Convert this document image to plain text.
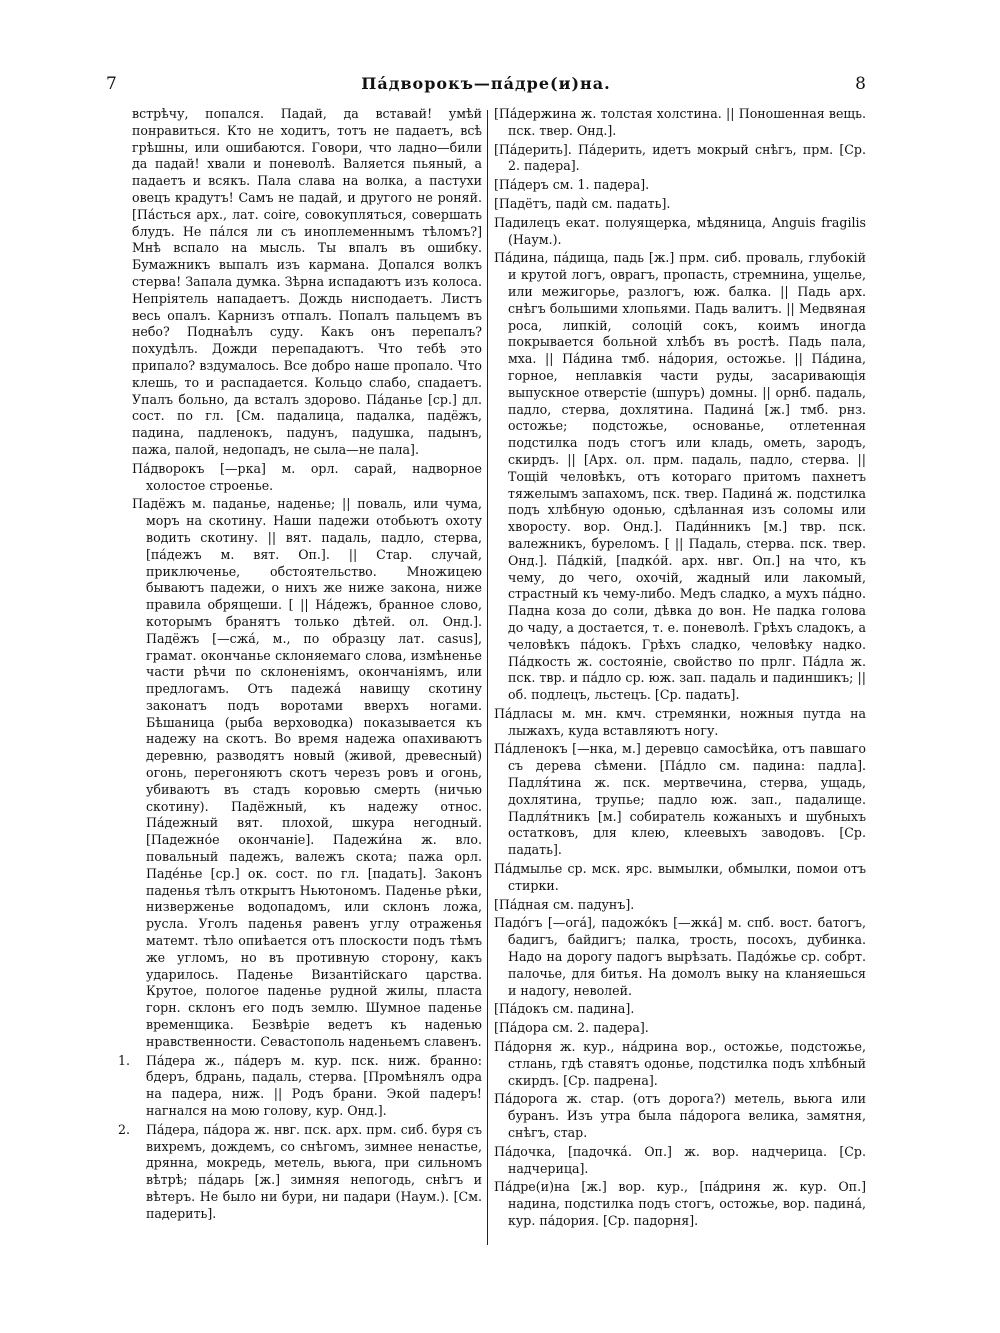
7	Па́дворокъ—па́дре(и)на.	8

встрѣчу, попался. Падай, да вставай! умѣй понравиться. Кто не ходитъ, тотъ не падаетъ, всѣ грѣшны, или ошибаются. Говори, что ладно—били да падай! хвали и поневолѣ. Валяется пьяный, а падаетъ и всякъ. Пала слава на волка, а пастухи овецъ крадутъ! Самъ не падай, и другого не роняй. [Па́сться арх., лат. coire, совокупляться, совершать блудъ. Не па́лся ли съ иноплеменнымъ тѣломъ?] Мнѣ вспало на мысль. Ты впалъ въ ошибку. Бумажникъ выпалъ изъ кармана. Допался волкъ стерва! Запала думка. Зѣрна испадаютъ изъ колоса. Непріятель нападаетъ. Дождь нисподаетъ. Листъ весь опалъ. Карнизъ отпалъ. Попалъ пальцемъ въ небо? Поднаѣлъ суду. Какъ онъ перепалъ? похудѣлъ. Дожди перепадаютъ. Что тебѣ это припало? вздумалось. Все добро наше пропало. Что клешь, то и распадается. Кольцо слабо, спадаетъ. Упалъ больно, да всталъ здорово. Па́данье [ср.] дл. сост. по гл. [См. падалица, падалка, падёжъ, падина, падленокъ, падунъ, падушка, падынъ, пажа, палой, недопадъ, не сыла—не пала].

Па́дворокъ [—рка] м. орл. сарай, надворное холостое строенье.

Падёжъ м. паданье, наденье; || поваль, или чума, моръ на скотину. Наши падежи отобьютъ охоту водить скотину. || вят. падаль, падло, стерва, [па́дежъ м. вят. Оп.]. || Стар. случай, приключенье, обстоятельство. Множицею бываютъ падежи, о нихъ же ниже закона, ниже правила обрящеши. [ || На́дежъ, бранное слово, которымъ бранятъ только дѣтей. ол. Онд.]. Падёжъ [—сжа́, м., по образцу лат. casus], грамат. окончанье склоняемаго слова, измѣненье части рѣчи по склоненіямъ, окончаніямъ, или предлогамъ. Отъ падежа́ навищу скотину законатъ подъ воротами вверхъ ногами. Бѣшаница (рыба верховодка) показывается къ надежу на скотъ. Во время надежа опахиваютъ деревню, разводятъ новый (живой, древесный) огонь, перегоняютъ скотъ черезъ ровъ и огонь, убиваютъ въ стадъ коровью смерть (ничью скотину). Падёжный, къ надежу относ. Па́дежный вят. плохой, шкура негодный. [Падежно́е окончаніе]. Падежи́на ж. вло. повальный падежъ, валежъ скота; пажа орл. Паде́нье [ср.] ок. сост. по гл. [падать]. Законъ паденья тѣлъ открытъ Ньютономъ. Паденье рѣки, низверженье водопадомъ, или склонъ ложа, русла. Уголъ паденья равенъ углу отраженья матемт. тѣло опиѣается отъ плоскости подъ тѣмъ же угломъ, но въ противную сторону, какъ ударилось. Паденье Византійскаго царства. Крутое, пологое паденье рудной жилы, пласта горн. склонъ его подъ землю. Шумное паденье временщика. Безвѣріе ведетъ къ наденью нравственности. Севастополь наденьемъ славенъ.

1. Па́дера ж., па́деръ м. кур. пск. ниж. бранно: бдеръ, бдрань, падаль, стерва. [Промѣнялъ одра на падера, ниж. || Родъ брани. Экой падеръ! нагнался на мою голову, кур. Онд.].

2. Па́дера, па́дора ж. нвг. пск. арх. прм. сиб. буря съ вихремъ, дождемъ, со снѣгомъ, зимнее ненастье, дрянна, мокредь, метель, вьюга, при сильномъ вѣтрѣ; па́дарь [ж.] зимняя непогодь, снѣгъ и вѣтеръ. Не было ни бури, ни падари (Наум.). [См. падерить].

[Па́держина ж. толстая холстина. || Поношенная вещь. пск. твер. Онд.].

[Па́дерить]. Па́дерить, идетъ мокрый снѣгъ, прм. [Ср. 2. падера].

[Па́деръ см. 1. падера].

[Падётъ, падѝ см. падать].

Падилецъ екат. полуящерка, мѣдяница, Anguis fragilis (Наум.).

Па́дина, па́дища, падь [ж.] прм. сиб. проваль, глубокій и крутой логъ, оврагъ, пропасть, стремнина, ущелье, или межигорье, разлогъ, юж. балка. || Падь арх. снѣгъ большими хлопьями. Падь валитъ. || Медвяная роса, липкій, солоцій сокъ, коимъ иногда покрывается больной хлѣбъ въ ростѣ. Падь пала, мха. || Па́дина тмб. на́дория, остожье. || Па́дина, горное, неплавкія части руды, засаривающія выпускное отверстіе (шпуръ) домны. || орнб. падаль, падло, стерва, дохлятина. Падина́ [ж.] тмб. рнз. остожье; подстожье, основанье, отлетенная подстилка подъ стогъ или кладь, ометь, зародъ, скирдъ. || [Арх. ол. прм. падаль, падло, стерва. || Тощій человѣкъ, отъ котораго притомъ пахнетъ тяжелымъ запахомъ, пск. твер. Падина́ ж. подстилка подъ хлѣбную одонью, сдѣланная изъ соломы или хворосту. вор. Онд.]. Пади́нникъ [м.] твр. пск. валежникъ, буреломъ. [ || Падаль, стерва. пск. твер. Онд.]. Па́дкій, [падко́й. арх. нвг. Оп.] на что, къ чему, до чего, охочій, жадный или лакомый, страстный къ чему-либо. Медъ сладко, а мухъ па́дно. Падна коза до соли, дѣвка до вон. Не падка голова до чаду, а достается, т. е. поневолѣ. Грѣхъ сладокъ, а человѣкъ па́докъ. Грѣхъ сладко, человѣку надко. Па́дкость ж. состояніе, свойство по прлг. Па́дла ж. пск. твр. и па́дло ср. юж. зап. падаль и падиншикъ; || об. подлецъ, льстецъ. [Ср. падать].

Па́дласы м. мн. кмч. стремянки, ножныя путда на лыжахъ, куда вставляютъ ногу.

Па́дленокъ [—нка, м.] деревцо самосѣйка, отъ павшаго съ дерева сѣмени. [Па́дло см. падина: падла]. Падля́тина ж. пск. мертвечина, стерва, ущадь, дохлятина, трупье; падло юж. зап., падалище. Падля́тникъ [м.] собиратель кожаныхъ и шубныхъ остатковъ, для клею, клеевыхъ заводовъ. [Ср. падать].

Па́дмылье ср. мск. ярс. вымылки, обмылки, помои отъ стирки.

[Па́дная см. падунъ].

Падо́гъ [—ога́], падожо́къ [—жка́] м. спб. вост. батогъ, бадигъ, байдигъ; палка, трость, посохъ, дубинка. Надо на дорогу падогъ вырѣзать. Падо́жье ср. собрт. палочье, для битья. На домолъ выку на кланяешься и надогу, неволей.

[Па́докъ см. падина].

[Па́дора см. 2. падера].

Па́дорня ж. кур., на́дрина вор., остожье, подстожье, стлань, гдѣ ставятъ одонье, подстилка подъ хлѣбный скирдъ. [Ср. падрена].

Па́дорога ж. стар. (отъ дорога?) метель, вьюга или буранъ. Изъ утра была па́дорога велика, замятня, снѣгъ, стар.

Па́дочка, [падочка́. Оп.] ж. вор. надчерица. [Ср. надчерица].

Па́дре(и)на [ж.] вор. кур., [па́дриня ж. кур. Оп.] надина, подстилка подъ стогъ, остожье, вор. падина́, кур. па́дория. [Ср. падорня].
